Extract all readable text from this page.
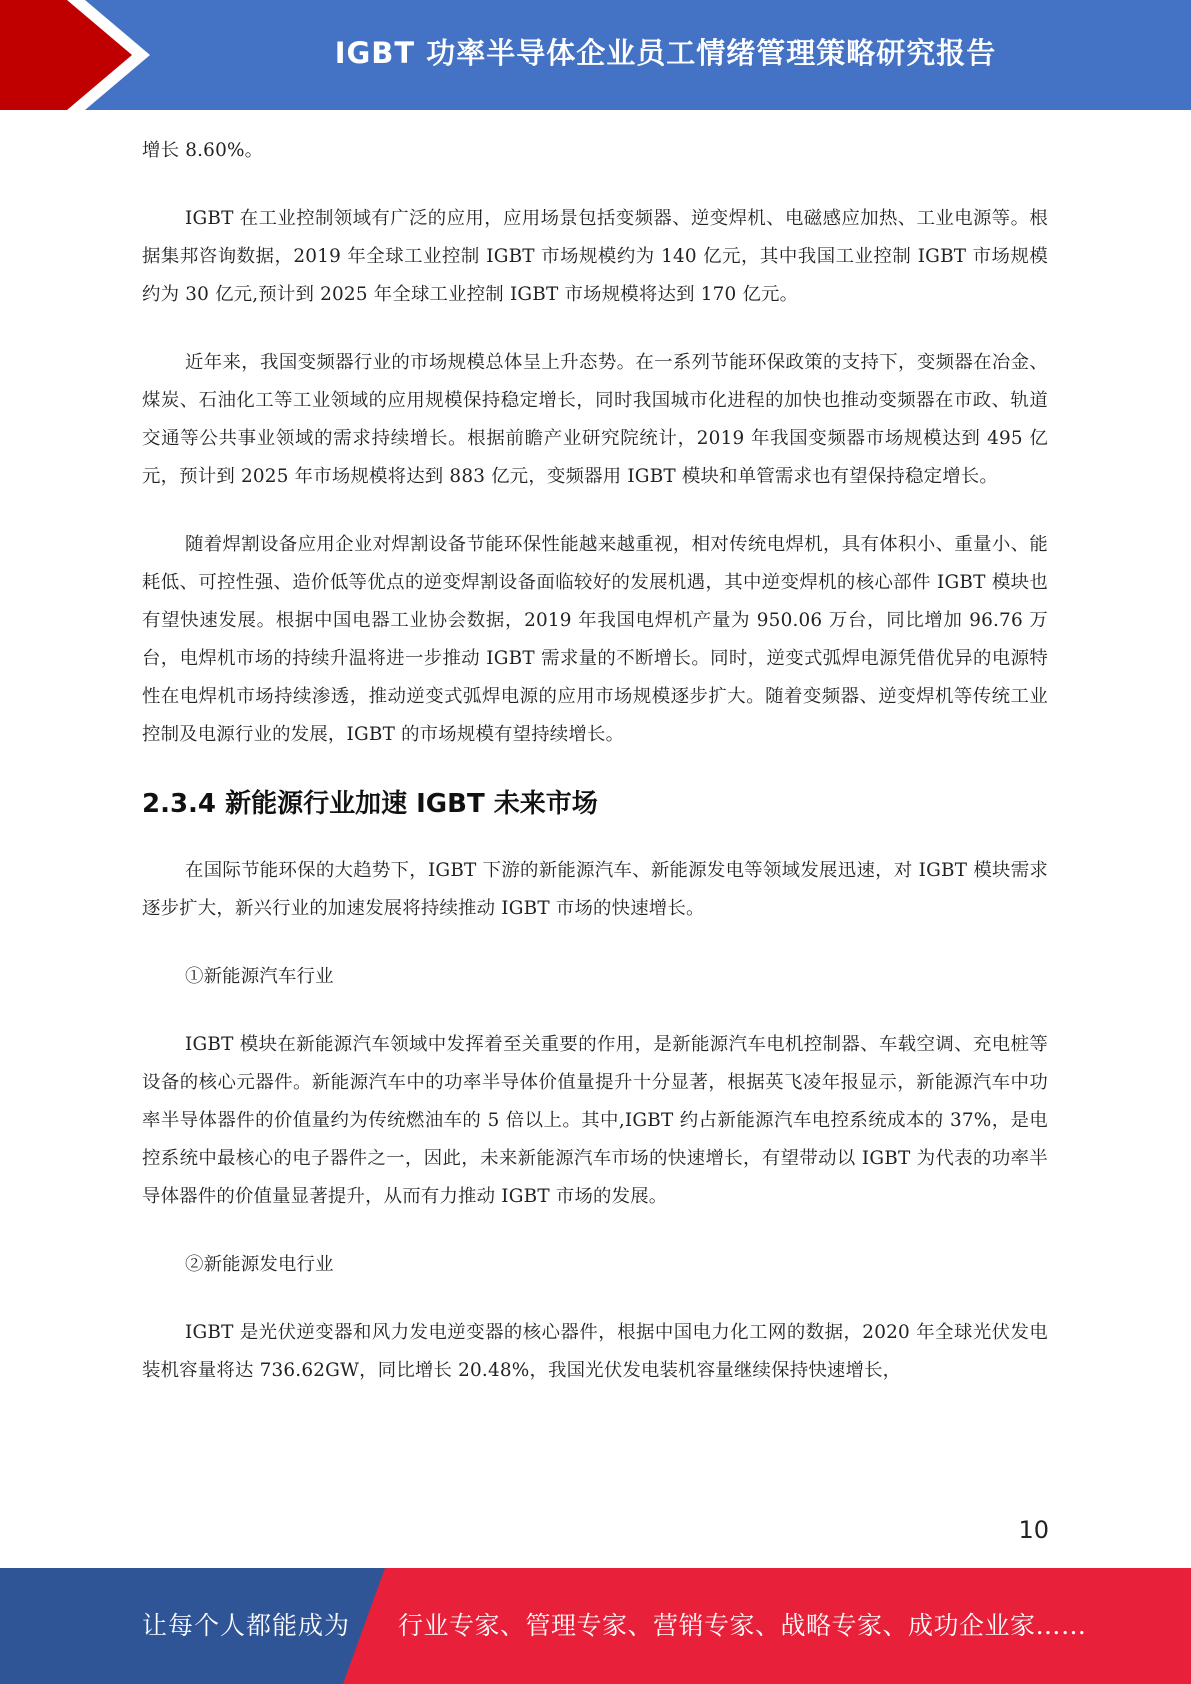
IGBT 功率半导体企业员工情绪管理策略研究报告

增长 8.60%。

IGBT 在工业控制领域有广泛的应用，应用场景包括变频器、逆变焊机、电磁感应加热、工业电源等。根据集邦咨询数据，2019 年全球工业控制 IGBT 市场规模约为 140 亿元，其中我国工业控制 IGBT 市场规模约为 30 亿元,预计到 2025 年全球工业控制 IGBT 市场规模将达到 170 亿元。

近年来，我国变频器行业的市场规模总体呈上升态势。在一系列节能环保政策的支持下，变频器在冶金、煤炭、石油化工等工业领域的应用规模保持稳定增长，同时我国城市化进程的加快也推动变频器在市政、轨道交通等公共事业领域的需求持续增长。根据前瞻产业研究院统计，2019 年我国变频器市场规模达到 495 亿元，预计到 2025 年市场规模将达到 883 亿元，变频器用 IGBT 模块和单管需求也有望保持稳定增长。

随着焊割设备应用企业对焊割设备节能环保性能越来越重视，相对传统电焊机，具有体积小、重量小、能耗低、可控性强、造价低等优点的逆变焊割设备面临较好的发展机遇，其中逆变焊机的核心部件 IGBT 模块也有望快速发展。根据中国电器工业协会数据，2019 年我国电焊机产量为 950.06 万台，同比增加 96.76 万台，电焊机市场的持续升温将进一步推动 IGBT 需求量的不断增长。同时，逆变式弧焊电源凭借优异的电源特性在电焊机市场持续渗透，推动逆变式弧焊电源的应用市场规模逐步扩大。随着变频器、逆变焊机等传统工业控制及电源行业的发展，IGBT 的市场规模有望持续增长。

2.3.4 新能源行业加速 IGBT 未来市场

在国际节能环保的大趋势下，IGBT 下游的新能源汽车、新能源发电等领域发展迅速，对 IGBT 模块需求逐步扩大，新兴行业的加速发展将持续推动 IGBT 市场的快速增长。

①新能源汽车行业

IGBT 模块在新能源汽车领域中发挥着至关重要的作用，是新能源汽车电机控制器、车载空调、充电桩等设备的核心元器件。新能源汽车中的功率半导体价值量提升十分显著，根据英飞凌年报显示，新能源汽车中功率半导体器件的价值量约为传统燃油车的 5 倍以上。其中,IGBT 约占新能源汽车电控系统成本的 37%，是电控系统中最核心的电子器件之一，因此，未来新能源汽车市场的快速增长，有望带动以 IGBT 为代表的功率半导体器件的价值量显著提升，从而有力推动 IGBT 市场的发展。

②新能源发电行业

IGBT 是光伏逆变器和风力发电逆变器的核心器件，根据中国电力化工网的数据，2020 年全球光伏发电装机容量将达 736.62GW，同比增长 20.48%，我国光伏发电装机容量继续保持快速增长，

10
让每个人都能成为 行业专家、管理专家、营销专家、战略专家、成功企业家……
